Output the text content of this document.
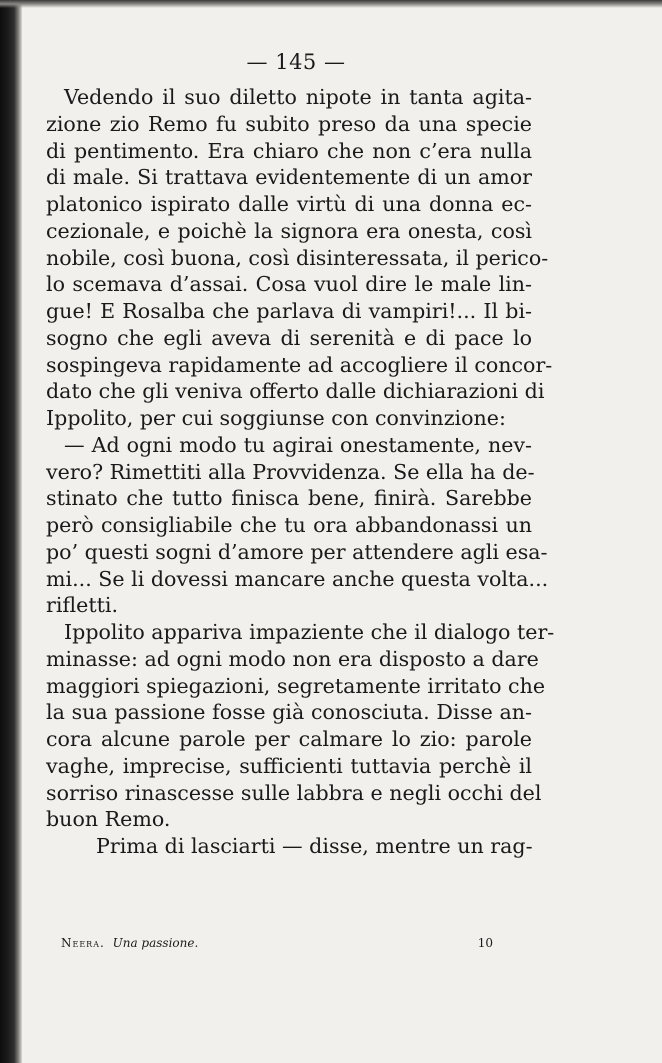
— 145 —
Vedendo il suo diletto nipote in tanta agita-
zione zio Remo fu subito preso da una specie
di pentimento. Era chiaro che non c’era nulla
di male. Si trattava evidentemente di un amor
platonico ispirato dalle virtù di una donna ec-
cezionale, e poichè la signora era onesta, così
nobile, così buona, così disinteressata, il perico-
lo scemava d’assai. Cosa vuol dire le male lin-
gue! E Rosalba che parlava di vampiri!... Il bi-
sogno che egli aveva di serenità e di pace lo
sospingeva rapidamente ad accogliere il concor-
dato che gli veniva offerto dalle dichiarazioni di
Ippolito, per cui soggiunse con convinzione:
— Ad ogni modo tu agirai onestamente, nev-
vero? Rimettiti alla Provvidenza. Se ella ha de-
stinato che tutto finisca bene, finirà. Sarebbe
però consigliabile che tu ora abbandonassi un
po’ questi sogni d’amore per attendere agli esa-
mi... Se li dovessi mancare anche questa volta...
rifletti.
Ippolito appariva impaziente che il dialogo ter-
minasse: ad ogni modo non era disposto a dare
maggiori spiegazioni, segretamente irritato che
la sua passione fosse già conosciuta. Disse an-
cora alcune parole per calmare lo zio: parole
vaghe, imprecise, sufficienti tuttavia perchè il
sorriso rinascesse sulle labbra e negli occhi del
buon Remo.
Prima di lasciarti — disse, mentre un rag-
Neera. Una passione.	10
